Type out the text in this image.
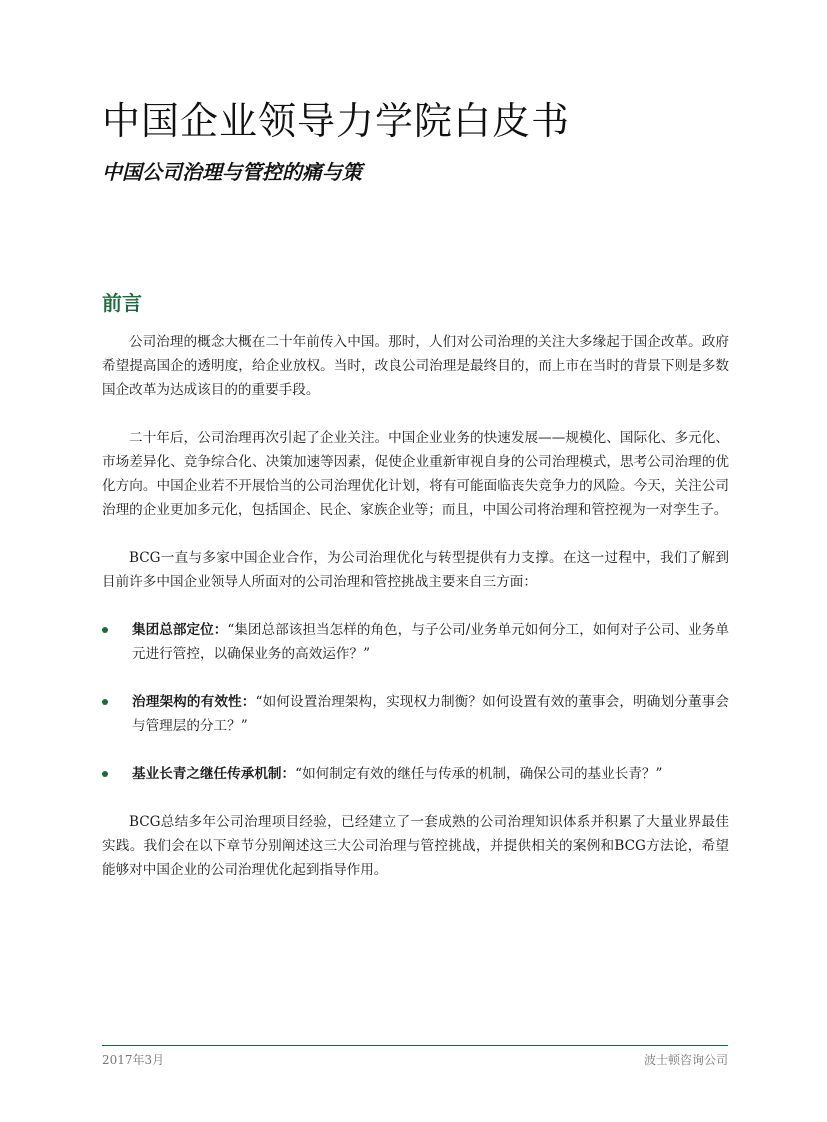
中国企业领导力学院白皮书
中国公司治理与管控的痛与策
前言

公司治理的概念大概在二十年前传入中国。那时，人们对公司治理的关注大多缘起于国企改革。政府希望提高国企的透明度，给企业放权。当时，改良公司治理是最终目的，而上市在当时的背景下则是多数国企改革为达成该目的的重要手段。

二十年后，公司治理再次引起了企业关注。中国企业业务的快速发展——规模化、国际化、多元化、市场差异化、竞争综合化、决策加速等因素，促使企业重新审视自身的公司治理模式，思考公司治理的优化方向。中国企业若不开展恰当的公司治理优化计划，将有可能面临丧失竞争力的风险。今天，关注公司治理的企业更加多元化，包括国企、民企、家族企业等；而且，中国公司将治理和管控视为一对孪生子。

BCG一直与多家中国企业合作，为公司治理优化与转型提供有力支撑。在这一过程中，我们了解到目前许多中国企业领导人所面对的公司治理和管控挑战主要来自三方面：

集团总部定位：“集团总部该担当怎样的角色，与子公司/业务单元如何分工，如何对子公司、业务单元进行管控，以确保业务的高效运作？”
治理架构的有效性：“如何设置治理架构，实现权力制衡？如何设置有效的董事会，明确划分董事会与管理层的分工？”
基业长青之继任传承机制：“如何制定有效的继任与传承的机制，确保公司的基业长青？”

BCG总结多年公司治理项目经验，已经建立了一套成熟的公司治理知识体系并积累了大量业界最佳实践。我们会在以下章节分别阐述这三大公司治理与管控挑战，并提供相关的案例和BCG方法论，希望能够对中国企业的公司治理优化起到指导作用。

2017年3月	波士顿咨询公司
